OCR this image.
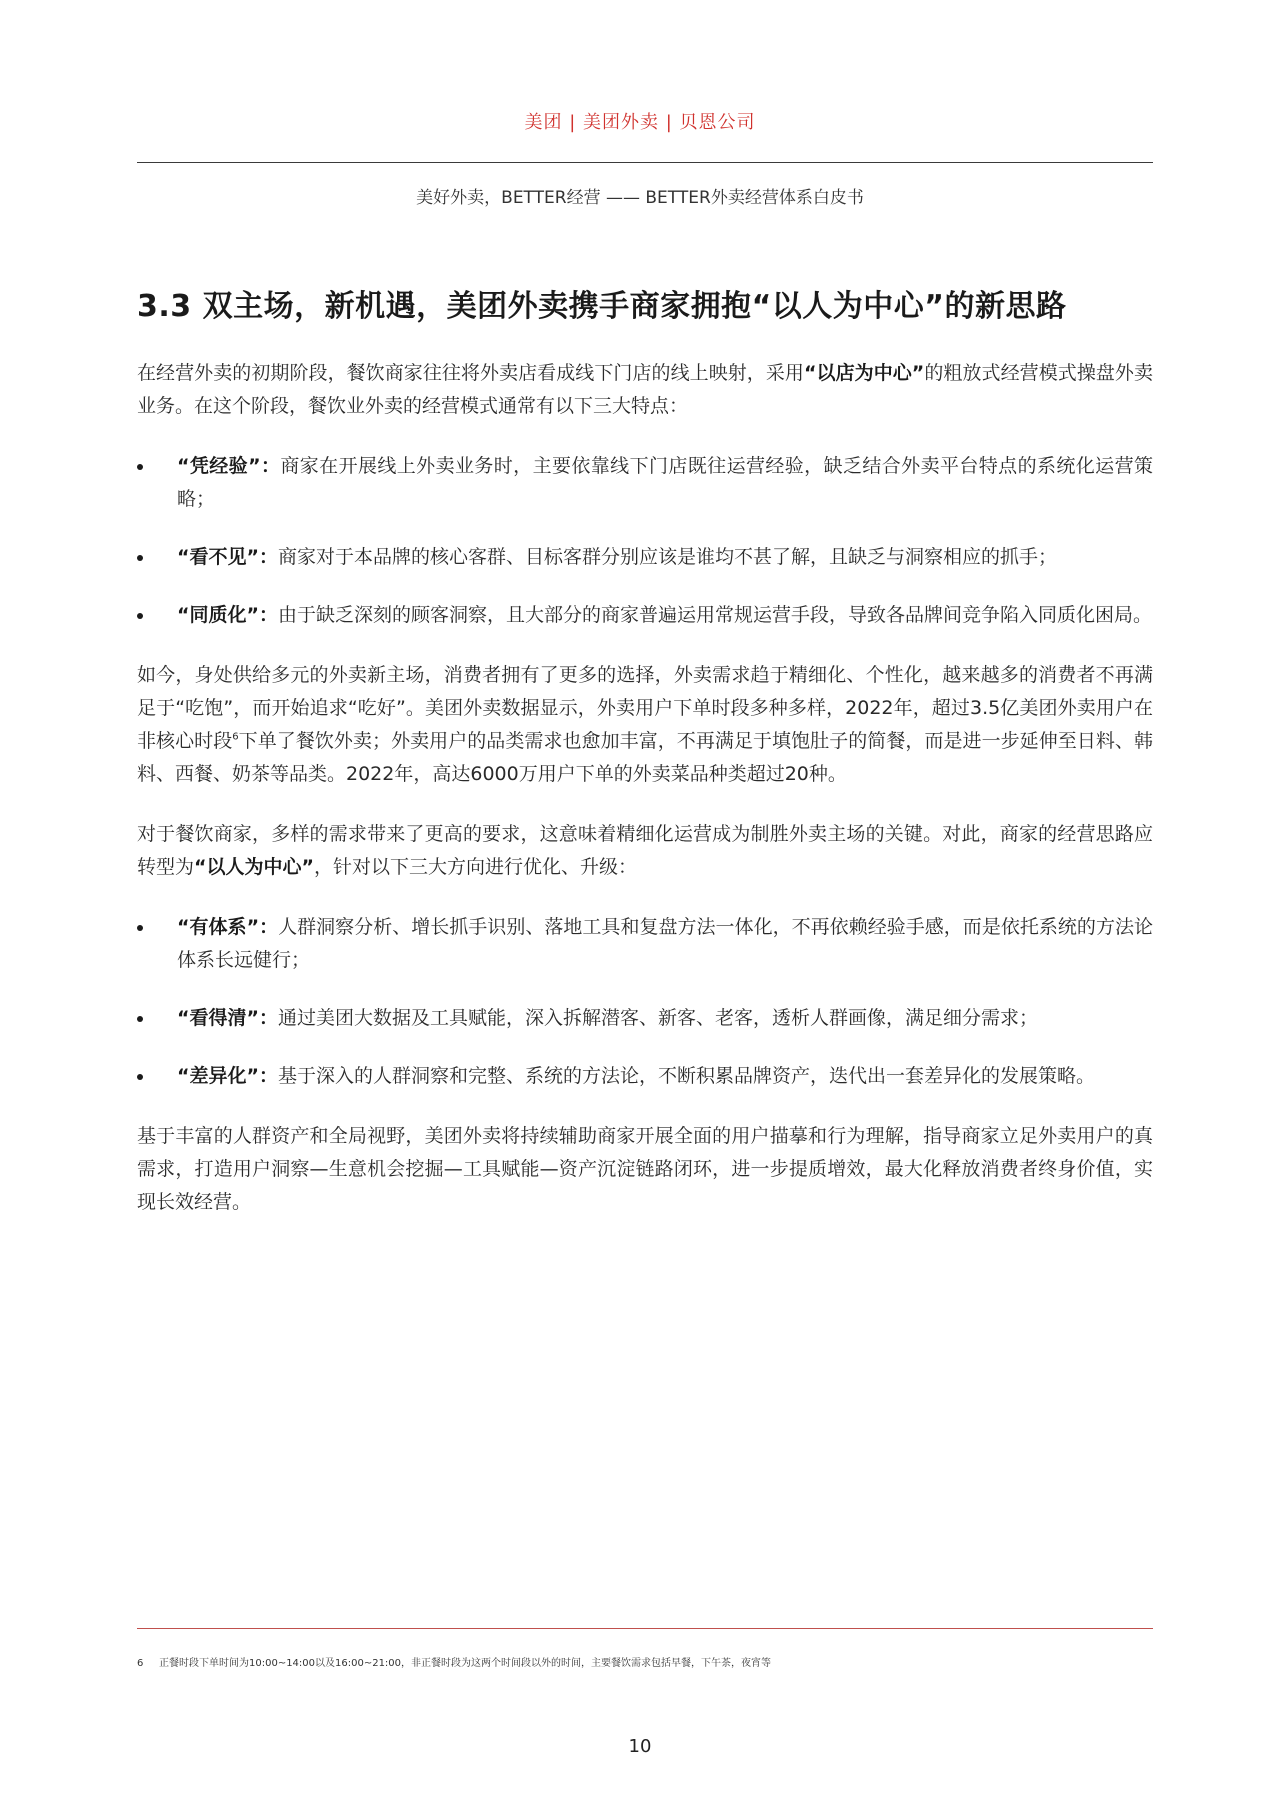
美团 | 美团外卖 | 贝恩公司
美好外卖，BETTER经营 —— BETTER外卖经营体系白皮书
3.3 双主场，新机遇，美团外卖携手商家拥抱“以人为中心”的新思路

在经营外卖的初期阶段，餐饮商家往往将外卖店看成线下门店的线上映射，采用“以店为中心”的粗放式经营模式操盘外卖业务。在这个阶段，餐饮业外卖的经营模式通常有以下三大特点：

“凭经验”：商家在开展线上外卖业务时，主要依靠线下门店既往运营经验，缺乏结合外卖平台特点的系统化运营策略；
“看不见”：商家对于本品牌的核心客群、目标客群分别应该是谁均不甚了解，且缺乏与洞察相应的抓手；
“同质化”：由于缺乏深刻的顾客洞察，且大部分的商家普遍运用常规运营手段，导致各品牌间竞争陷入同质化困局。

如今，身处供给多元的外卖新主场，消费者拥有了更多的选择，外卖需求趋于精细化、个性化，越来越多的消费者不再满足于“吃饱”，而开始追求“吃好”。美团外卖数据显示，外卖用户下单时段多种多样，2022年，超过3.5亿美团外卖用户在非核心时段$^6$下单了餐饮外卖；外卖用户的品类需求也愈加丰富，不再满足于填饱肚子的简餐，而是进一步延伸至日料、韩料、西餐、奶茶等品类。2022年，高达6000万用户下单的外卖菜品种类超过20种。

对于餐饮商家，多样的需求带来了更高的要求，这意味着精细化运营成为制胜外卖主场的关键。对此，商家的经营思路应转型为“以人为中心”，针对以下三大方向进行优化、升级：

“有体系”：人群洞察分析、增长抓手识别、落地工具和复盘方法一体化，不再依赖经验手感，而是依托系统的方法论体系长远健行；
“看得清”：通过美团大数据及工具赋能，深入拆解潜客、新客、老客，透析人群画像，满足细分需求；
“差异化”：基于深入的人群洞察和完整、系统的方法论，不断积累品牌资产，迭代出一套差异化的发展策略。

基于丰富的人群资产和全局视野，美团外卖将持续辅助商家开展全面的用户描摹和行为理解，指导商家立足外卖用户的真需求，打造用户洞察—生意机会挖掘—工具赋能—资产沉淀链路闭环，进一步提质增效，最大化释放消费者终身价值，实现长效经营。

6 正餐时段下单时间为10:00~14:00以及16:00~21:00，非正餐时段为这两个时间段以外的时间，主要餐饮需求包括早餐，下午茶，夜宵等
10
